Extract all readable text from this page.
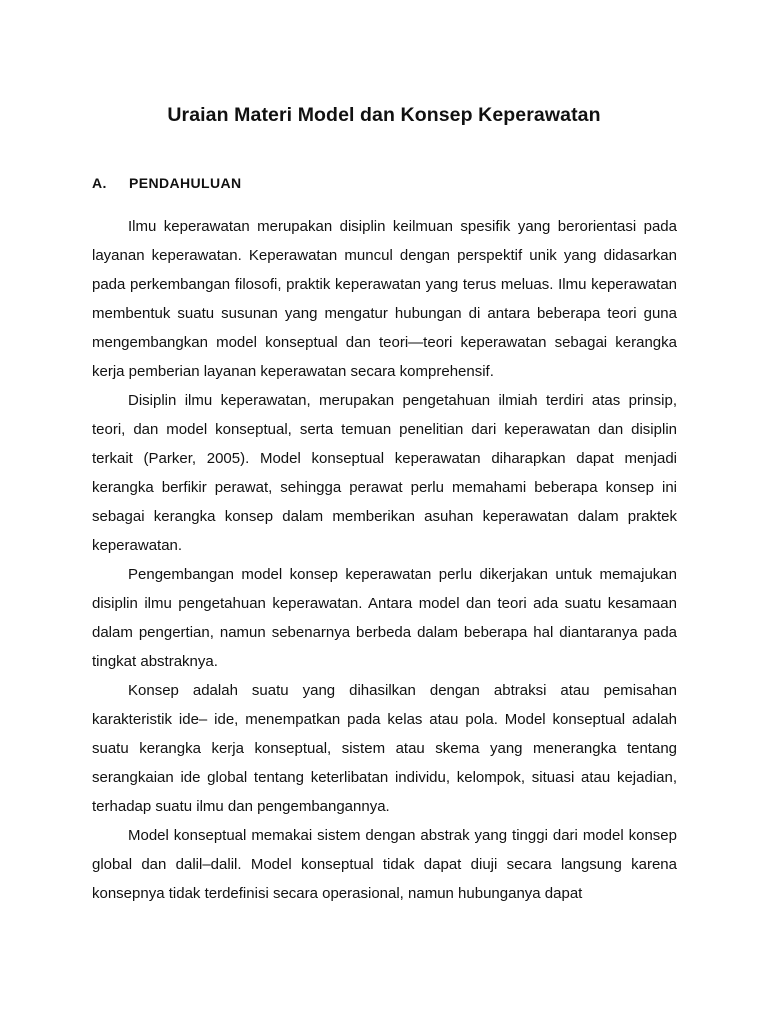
Uraian Materi Model dan Konsep Keperawatan
A. PENDAHULUAN

Ilmu keperawatan merupakan disiplin keilmuan spesifik yang berorientasi pada layanan keperawatan. Keperawatan muncul dengan perspektif unik yang didasarkan pada perkembangan filosofi, praktik keperawatan yang terus meluas. Ilmu keperawatan membentuk suatu susunan yang mengatur hubungan di antara beberapa teori guna mengembangkan model konseptual dan teori—teori keperawatan sebagai kerangka kerja pemberian layanan keperawatan secara komprehensif.

Disiplin ilmu keperawatan, merupakan pengetahuan ilmiah terdiri atas prinsip, teori, dan model konseptual, serta temuan penelitian dari keperawatan dan disiplin terkait (Parker, 2005). Model konseptual keperawatan diharapkan dapat menjadi kerangka berfikir perawat, sehingga perawat perlu memahami beberapa konsep ini sebagai kerangka konsep dalam memberikan asuhan keperawatan dalam praktek keperawatan.

Pengembangan model konsep keperawatan perlu dikerjakan untuk memajukan disiplin ilmu pengetahuan keperawatan. Antara model dan teori ada suatu kesamaan dalam pengertian, namun sebenarnya berbeda dalam beberapa hal diantaranya pada tingkat abstraknya.

Konsep adalah suatu yang dihasilkan dengan abtraksi atau pemisahan karakteristik ide– ide, menempatkan pada kelas atau pola. Model konseptual adalah suatu kerangka kerja konseptual, sistem atau skema yang menerangka tentang serangkaian ide global tentang keterlibatan individu, kelompok, situasi atau kejadian, terhadap suatu ilmu dan pengembangannya.

Model konseptual memakai sistem dengan abstrak yang tinggi dari model konsep global dan dalil–dalil. Model konseptual tidak dapat diuji secara langsung karena konsepnya tidak terdefinisi secara operasional, namun hubunganya dapat
